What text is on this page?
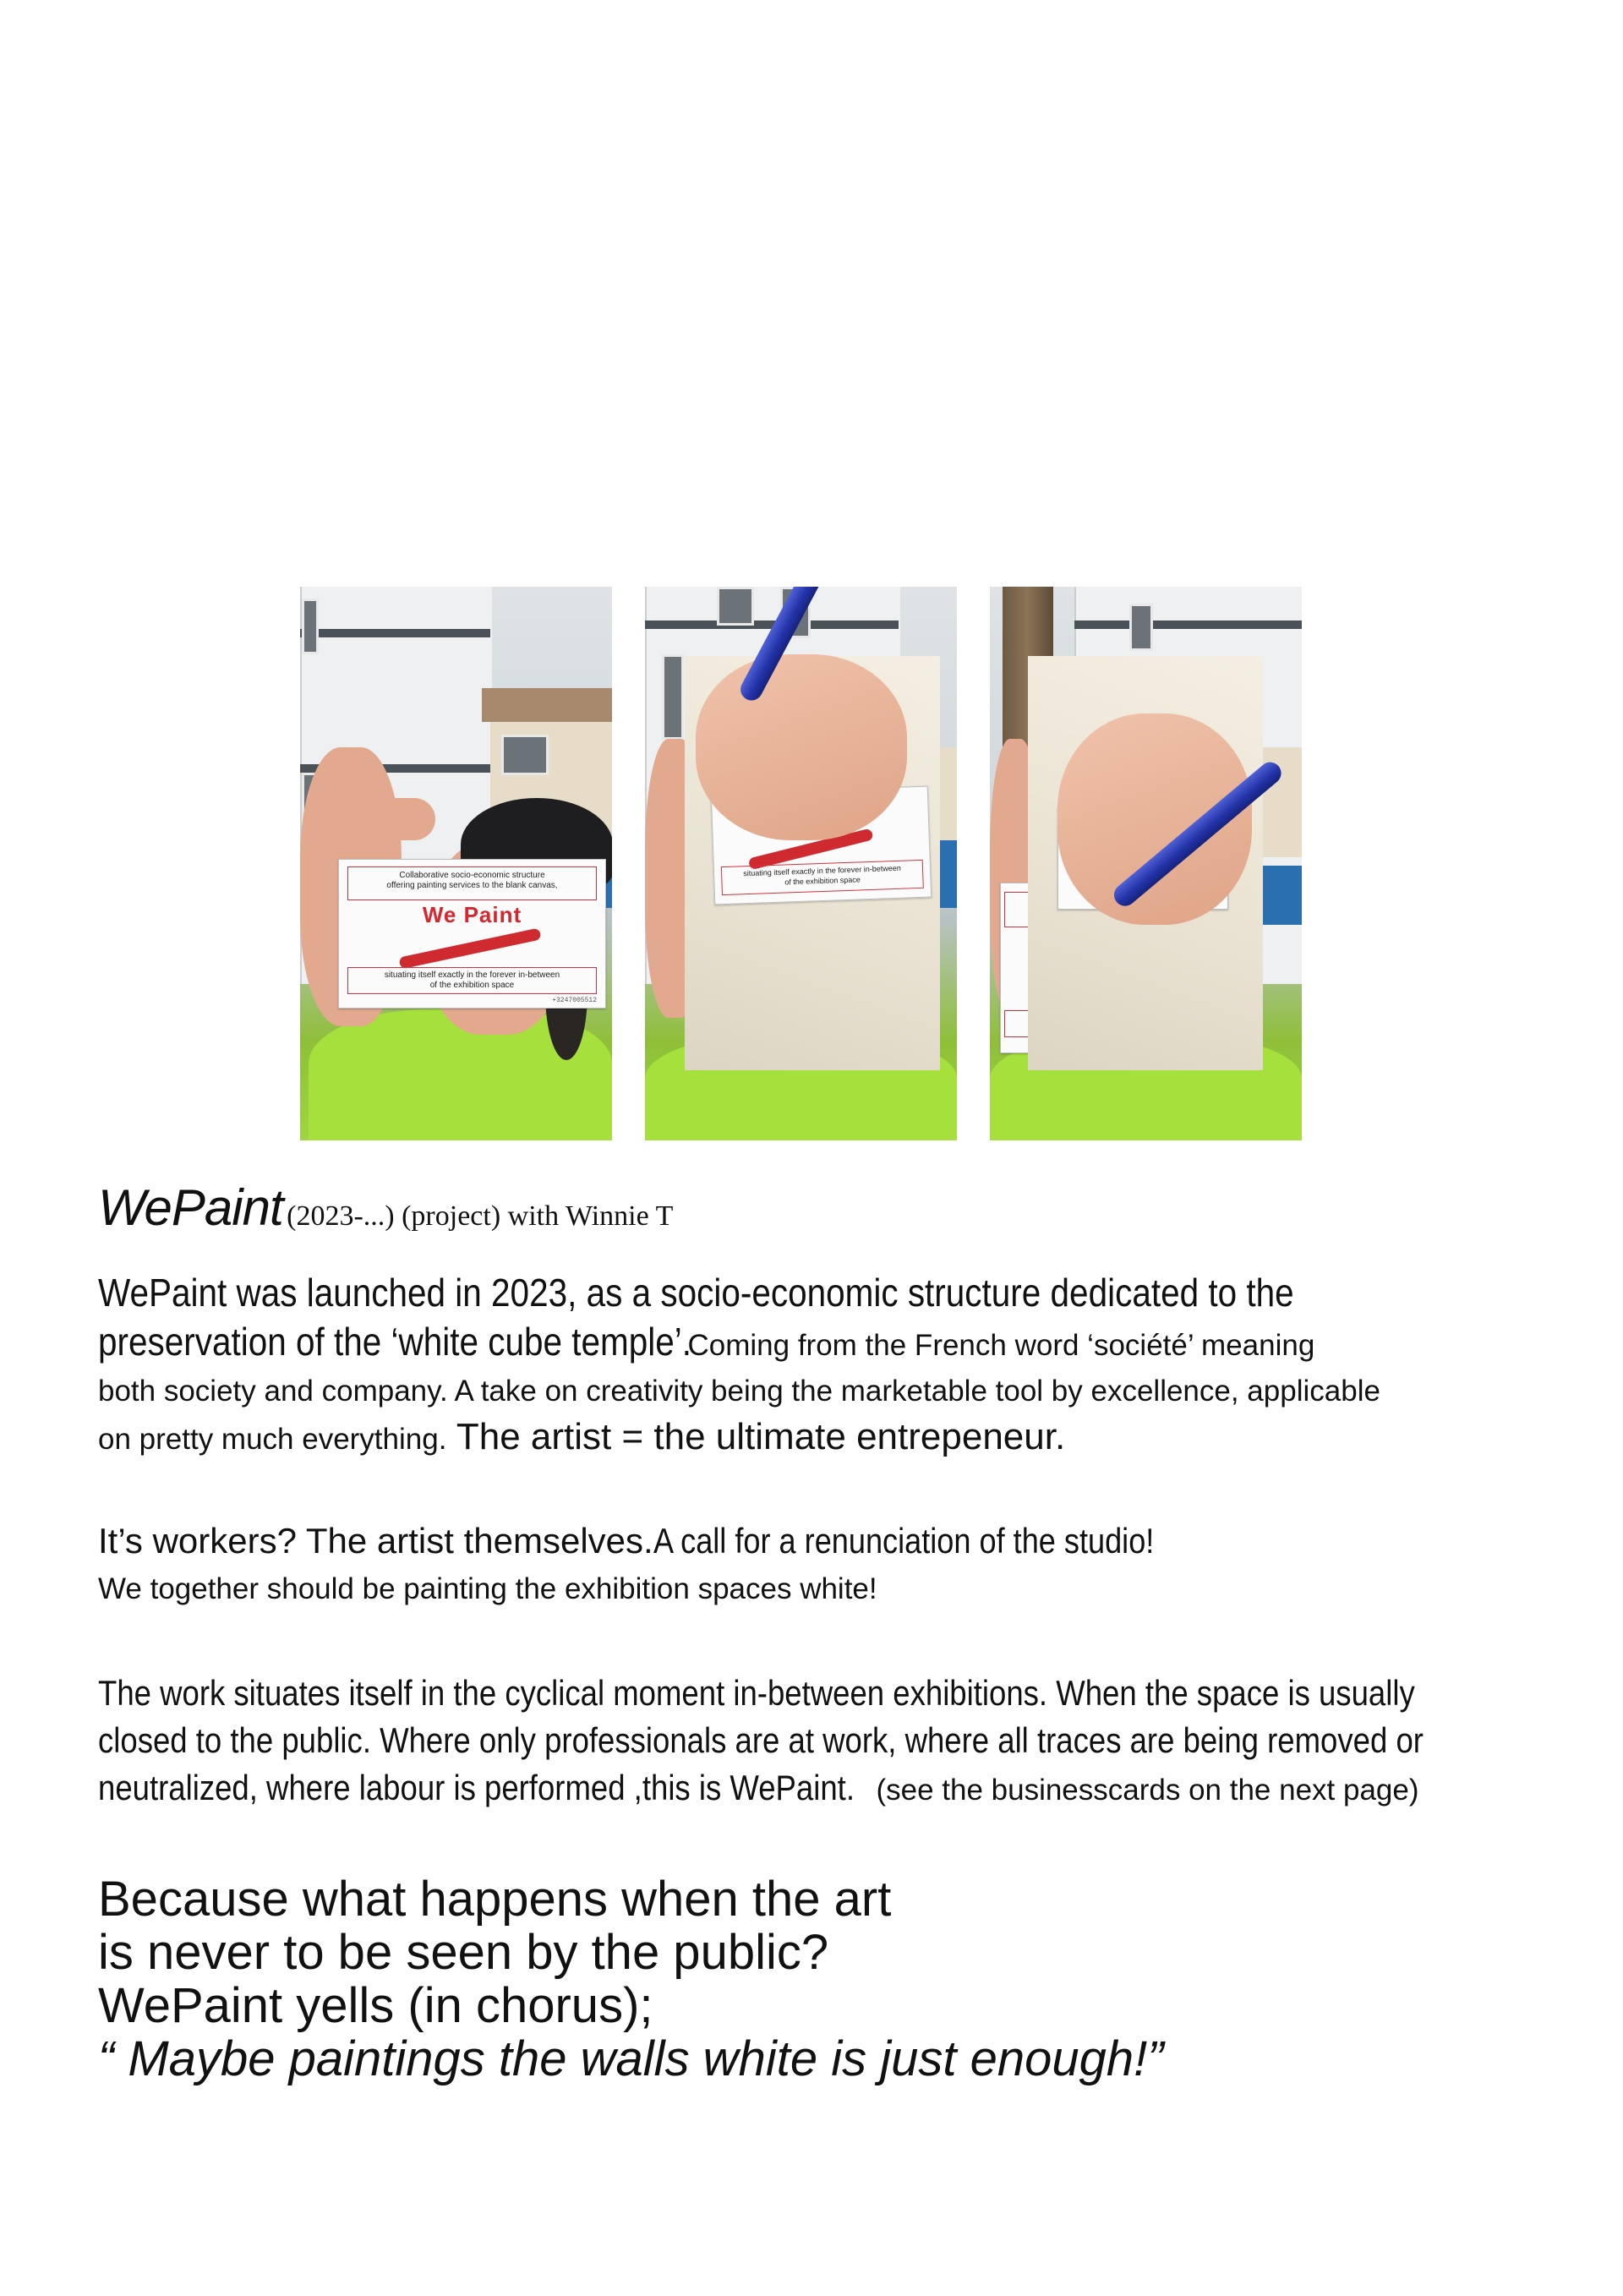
Collaborative socio-economic structure
offering painting services to the blank canvas,
We Paint
situating itself exactly in the forever in-between
of the exhibition space
+3247005512
situating itself exactly in the forever in-between
of the exhibition space
WePaint (2023-...) (project) with Winnie T
WePaint was launched in 2023, as a socio-economic structure dedicated to the
preservation of the ‘white cube temple’. Coming from the French word ‘société’ meaning
both society and company. A take on creativity being the marketable tool by excellence, applicable
on pretty much everything. The artist = the ultimate entrepeneur.
It’s workers? The artist themselves.A call for a renunciation of the studio!
We together should be painting the exhibition spaces white!
The work situates itself in the cyclical moment in-between exhibitions. When the space is usually
closed to the public. Where only professionals are at work, where all traces are being removed or
neutralized, where labour is performed ,this is WePaint. (see the businesscards on the next page)
Because what happens when the art
is never to be seen by the public?
WePaint yells (in chorus);
“ Maybe paintings the walls white is just enough!”
